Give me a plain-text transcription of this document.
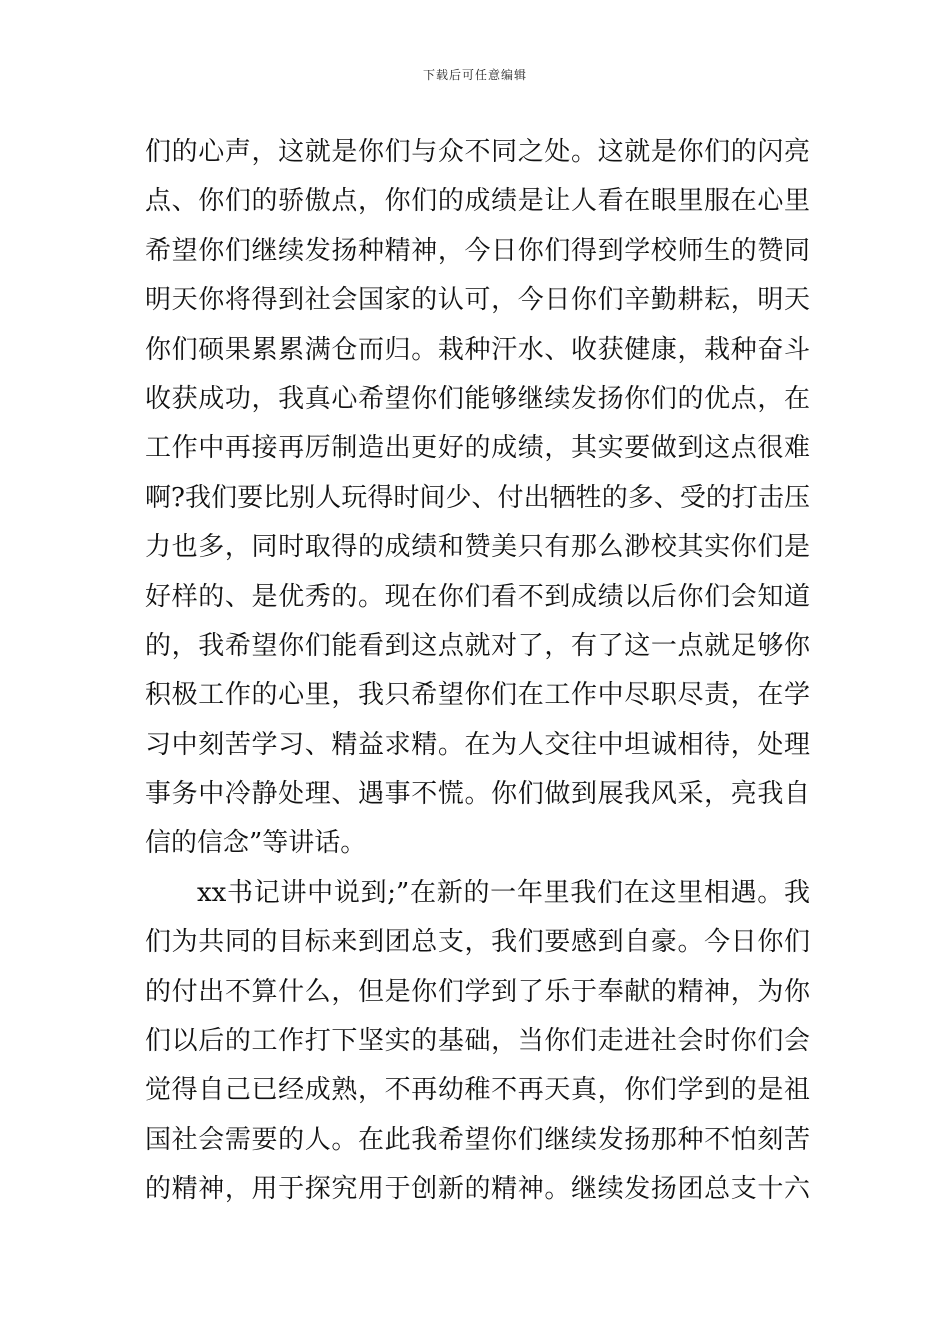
下载后可任意编辑
们的心声，这就是你们与众不同之处。这就是你们的闪亮
点、你们的骄傲点，你们的成绩是让人看在眼里服在心里
希望你们继续发扬种精神，今日你们得到学校师生的赞同
明天你将得到社会国家的认可，今日你们辛勤耕耘，明天
你们硕果累累满仓而归。栽种汗水、收获健康，栽种奋斗
收获成功，我真心希望你们能够继续发扬你们的优点，在
工作中再接再厉制造出更好的成绩，其实要做到这点很难
啊?我们要比别人玩得时间少、付出牺牲的多、受的打击压
力也多，同时取得的成绩和赞美只有那么渺校其实你们是
好样的、是优秀的。现在你们看不到成绩以后你们会知道
的，我希望你们能看到这点就对了，有了这一点就足够你
积极工作的心里，我只希望你们在工作中尽职尽责，在学
习中刻苦学习、精益求精。在为人交往中坦诚相待，处理
事务中冷静处理、遇事不慌。你们做到展我风采，亮我自
信的信念”等讲话。
xx书记讲中说到;”在新的一年里我们在这里相遇。我
们为共同的目标来到团总支，我们要感到自豪。今日你们
的付出不算什么，但是你们学到了乐于奉献的精神，为你
们以后的工作打下坚实的基础，当你们走进社会时你们会
觉得自己已经成熟，不再幼稚不再天真，你们学到的是祖
国社会需要的人。在此我希望你们继续发扬那种不怕刻苦
的精神，用于探究用于创新的精神。继续发扬团总支十六
